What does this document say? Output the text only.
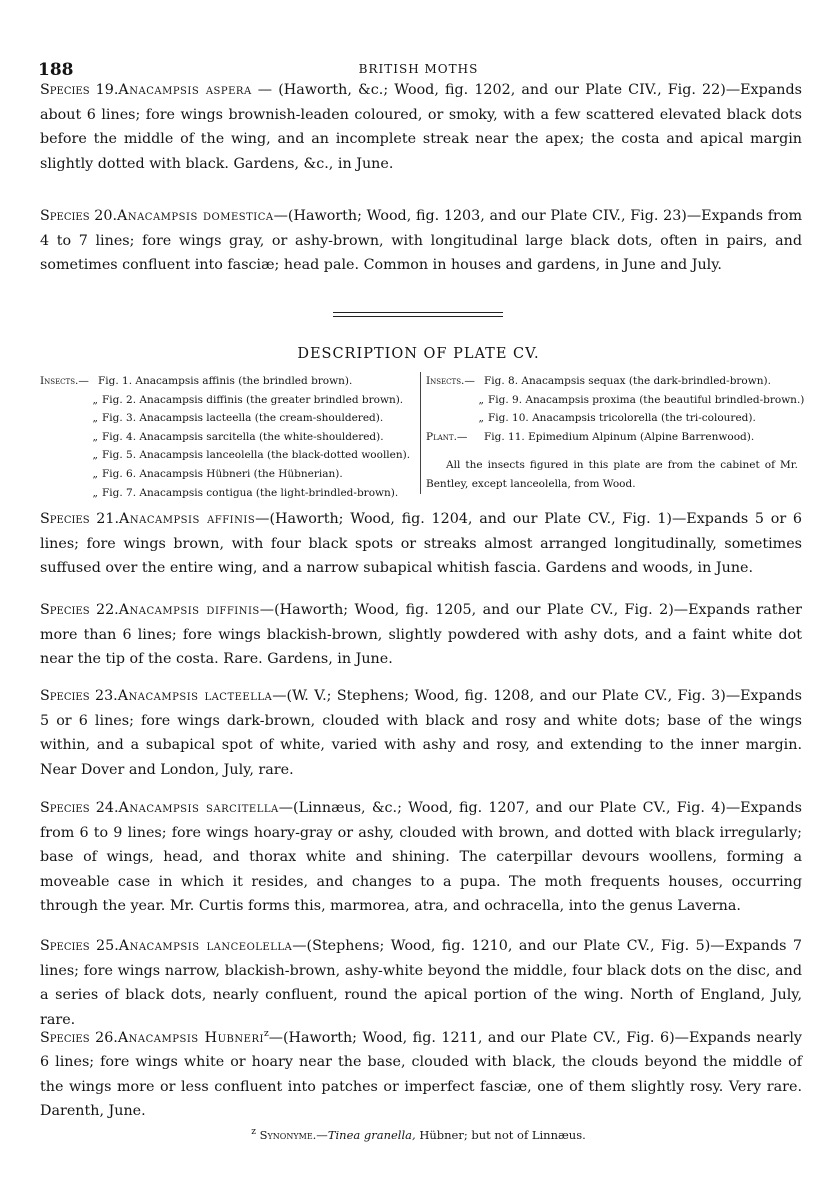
188	BRITISH MOTHS

Species 19.Anacampsis aspera — (Haworth, &c.; Wood, fig. 1202, and our Plate CIV., Fig. 22)—Expands about 6 lines; fore wings brownish-leaden coloured, or smoky, with a few scattered elevated black dots before the middle of the wing, and an incomplete streak near the apex; the costa and apical margin slightly dotted with black. Gardens, &c., in June.

Species 20.Anacampsis domestica—(Haworth; Wood, fig. 1203, and our Plate CIV., Fig. 23)—Expands from 4 to 7 lines; fore wings gray, or ashy-brown, with longitudinal large black dots, often in pairs, and sometimes confluent into fasciæ; head pale. Common in houses and gardens, in June and July.

DESCRIPTION OF PLATE CV.
Insects.— Fig. 1. Anacampsis affinis (the brindled brown).
„ Fig. 2. Anacampsis diffinis (the greater brindled brown).
„ Fig. 3. Anacampsis lacteella (the cream-shouldered).
„ Fig. 4. Anacampsis sarcitella (the white-shouldered).
„ Fig. 5. Anacampsis lanceolella (the black-dotted woollen).
„ Fig. 6. Anacampsis Hübneri (the Hübnerian).
„ Fig. 7. Anacampsis contigua (the light-brindled-brown).
Insects.— Fig. 8. Anacampsis sequax (the dark-brindled-brown).
„ Fig. 9. Anacampsis proxima (the beautiful brindled-brown.)
„ Fig. 10. Anacampsis tricolorella (the tri-coloured).
Plant.— Fig. 11. Epimedium Alpinum (Alpine Barrenwood).
All the insects figured in this plate are from the cabinet of Mr. Bentley, except lanceolella, from Wood.

Species 21.Anacampsis affinis—(Haworth; Wood, fig. 1204, and our Plate CV., Fig. 1)—Expands 5 or 6 lines; fore wings brown, with four black spots or streaks almost arranged longitudinally, sometimes suffused over the entire wing, and a narrow subapical whitish fascia. Gardens and woods, in June.

Species 22.Anacampsis diffinis—(Haworth; Wood, fig. 1205, and our Plate CV., Fig. 2)—Expands rather more than 6 lines; fore wings blackish-brown, slightly powdered with ashy dots, and a faint white dot near the tip of the costa. Rare. Gardens, in June.

Species 23.Anacampsis lacteella—(W. V.; Stephens; Wood, fig. 1208, and our Plate CV., Fig. 3)—Expands 5 or 6 lines; fore wings dark-brown, clouded with black and rosy and white dots; base of the wings within, and a subapical spot of white, varied with ashy and rosy, and extending to the inner margin. Near Dover and London, July, rare.

Species 24.Anacampsis sarcitella—(Linnæus, &c.; Wood, fig. 1207, and our Plate CV., Fig. 4)—Expands from 6 to 9 lines; fore wings hoary-gray or ashy, clouded with brown, and dotted with black irregularly; base of wings, head, and thorax white and shining. The caterpillar devours woollens, forming a moveable case in which it resides, and changes to a pupa. The moth frequents houses, occurring through the year. Mr. Curtis forms this, marmorea, atra, and ochracella, into the genus Laverna.

Species 25.Anacampsis lanceolella—(Stephens; Wood, fig. 1210, and our Plate CV., Fig. 5)—Expands 7 lines; fore wings narrow, blackish-brown, ashy-white beyond the middle, four black dots on the disc, and a series of black dots, nearly confluent, round the apical portion of the wing. North of England, July, rare.

Species 26.Anacampsis Hubneri$^z$—(Haworth; Wood, fig. 1211, and our Plate CV., Fig. 6)—Expands nearly 6 lines; fore wings white or hoary near the base, clouded with black, the clouds beyond the middle of the wings more or less confluent into patches or imperfect fasciæ, one of them slightly rosy. Very rare. Darenth, June.

$^z$ Synonyme.—Tinea granella, Hübner; but not of Linnæus.
